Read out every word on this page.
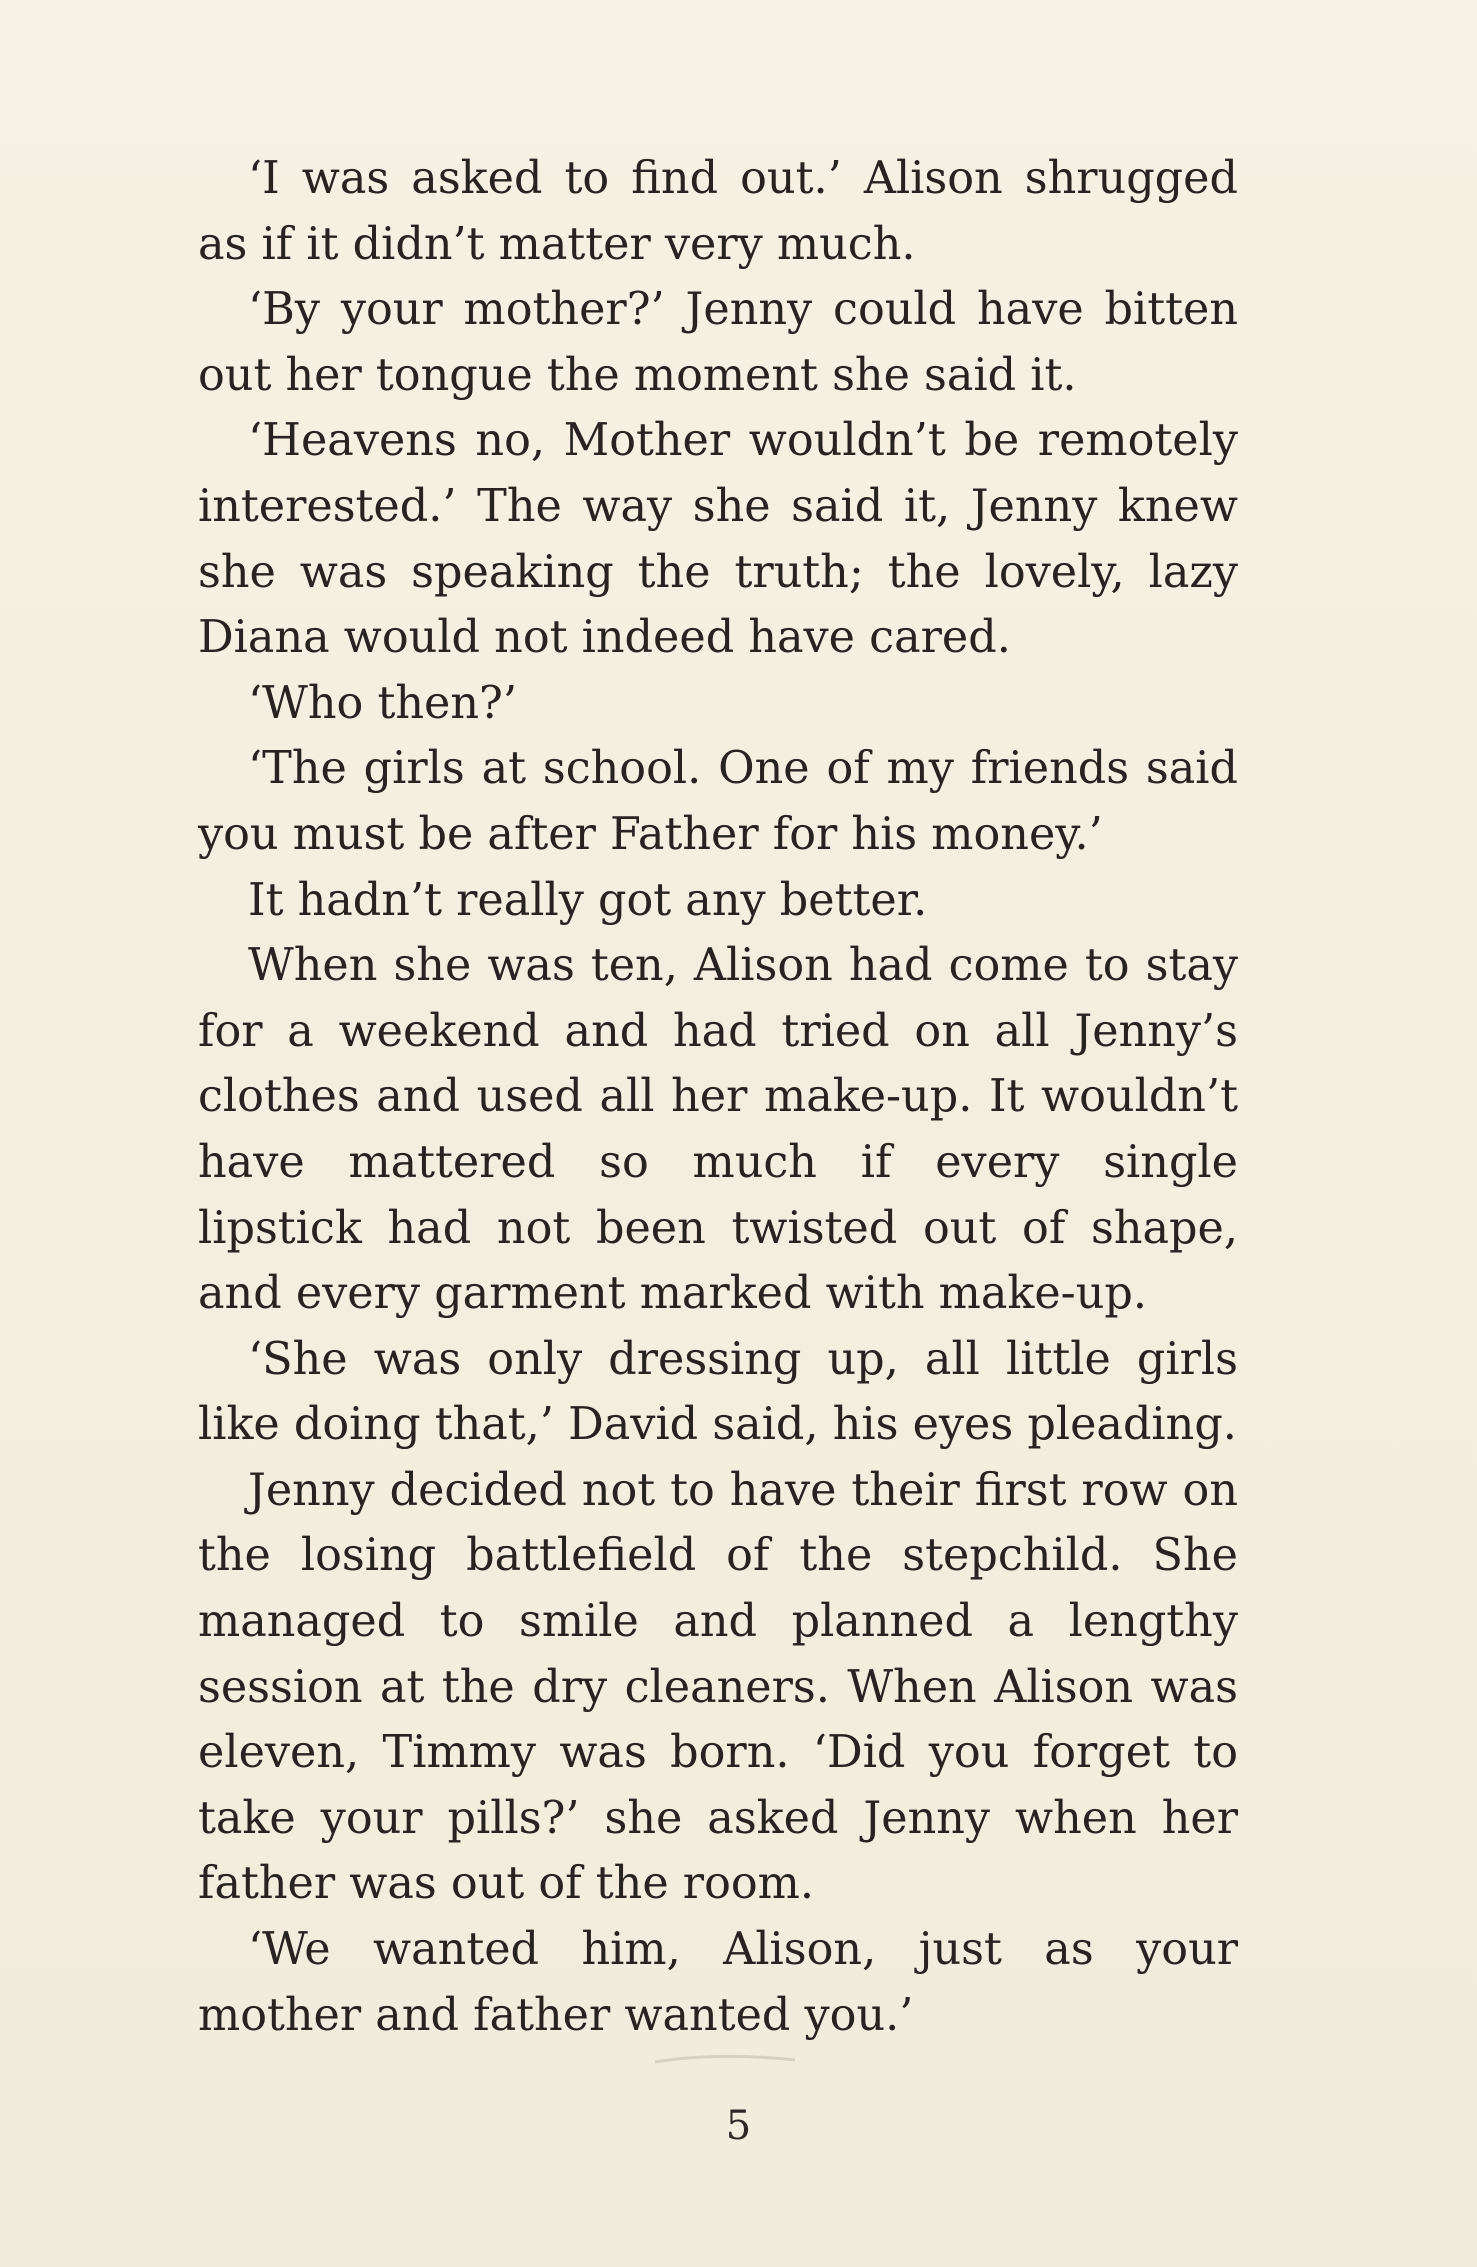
‘I was asked to find out.’ Alison shrugged as if it didn’t matter very much.

‘By your mother?’ Jenny could have bitten out her tongue the moment she said it.

‘Heavens no, Mother wouldn’t be remotely interested.’ The way she said it, Jenny knew she was speaking the truth; the lovely, lazy Diana would not indeed have cared.

‘Who then?’

‘The girls at school. One of my friends said you must be after Father for his money.’

It hadn’t really got any better.

When she was ten, Alison had come to stay for a weekend and had tried on all Jenny’s clothes and used all her make-up. It wouldn’t have mattered so much if every single lipstick had not been twisted out of shape, and every garment marked with make-up.

‘She was only dressing up, all little girls like doing that,’ David said, his eyes pleading.

Jenny decided not to have their first row on the losing battlefield of the stepchild. She managed to smile and planned a lengthy session at the dry cleaners. When Alison was eleven, Timmy was born. ‘Did you forget to take your pills?’ she asked Jenny when her father was out of the room.

‘We wanted him, Alison, just as your mother and father wanted you.’

5
